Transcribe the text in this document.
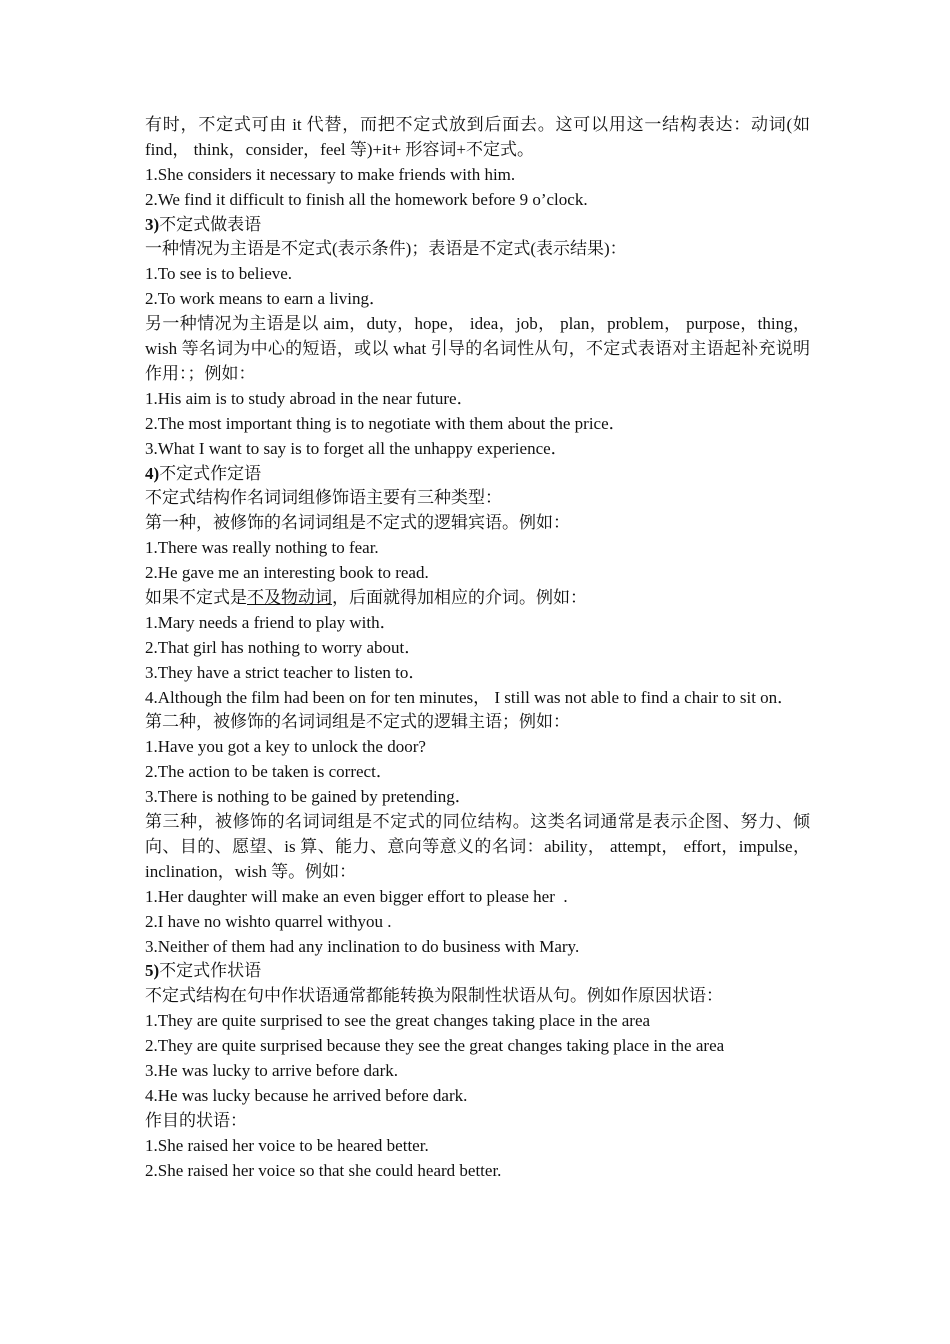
有时，不定式可由 it 代替，而把不定式放到后面去。这可以用这一结构表达：动词(如 find， think，consider，feel 等)+it+ 形容词+不定式。
1.She considers it necessary to make friends with him.
2.We find it difficult to finish all the homework before 9 o’clock.
3)不定式做表语
一种情况为主语是不定式(表示条件)；表语是不定式(表示结果)：
1.To see is to believe.
2.To work means to earn a living．
另一种情况为主语是以 aim，duty，hope， idea，job， plan，problem， purpose，thing，wish 等名词为中心的短语，或以 what 引导的名词性从句，不定式表语对主语起补充说明作用：；例如：
1.His aim is to study abroad in the near future．
2.The most important thing is to negotiate with them about the price．
3.What I want to say is to forget all the unhappy experience．
4)不定式作定语
不定式结构作名词词组修饰语主要有三种类型：
第一种，被修饰的名词词组是不定式的逻辑宾语。例如：
1.There was really nothing to fear.
2.He gave me an interesting book to read.
如果不定式是不及物动词，后面就得加相应的介词。例如：
1.Mary needs a friend to play with．
2.That girl has nothing to worry about．
3.They have a strict teacher to listen to．
4.Although the film had been on for ten minutes， I still was not able to find a chair to sit on．
第二种，被修饰的名词词组是不定式的逻辑主语；例如：
1.Have you got a key to unlock the door?
2.The action to be taken is correct．
3.There is nothing to be gained by pretending．
第三种，被修饰的名词词组是不定式的同位结构。这类名词通常是表示企图、努力、倾向、目的、愿望、is 算、能力、意向等意义的名词：ability， attempt， effort，impulse， inclination，wish 等。例如：
1.Her daughter will make an even bigger effort to please her  .
2.I have no wishto quarrel withyou .
3.Neither of them had any inclination to do business with Mary.
5)不定式作状语
不定式结构在句中作状语通常都能转换为限制性状语从句。例如作原因状语：
1.They are quite surprised to see the great changes taking place in the area
2.They are quite surprised because they see the great changes taking place in the area
3.He was lucky to arrive before dark.
4.He was lucky because he arrived before dark.
作目的状语：
1.She raised her voice to be heared better.
2.She raised her voice so that she could heard better.
